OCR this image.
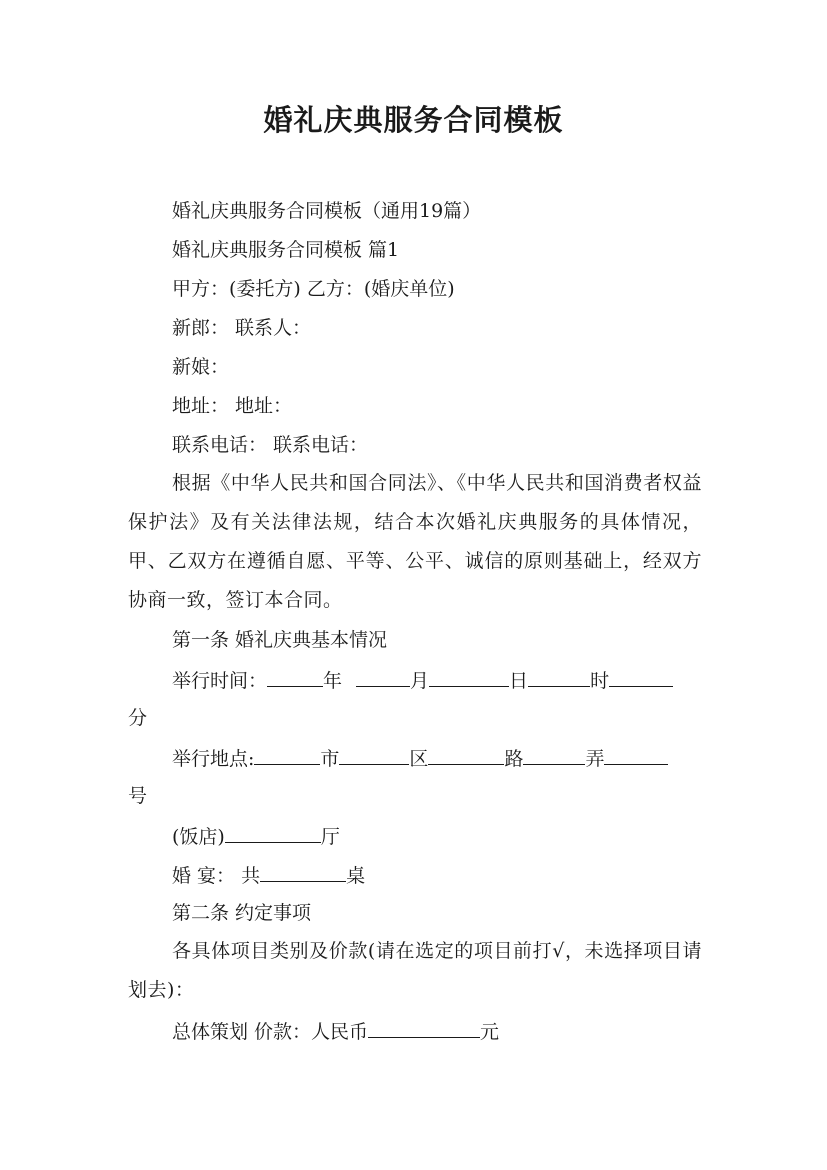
婚礼庆典服务合同模板
婚礼庆典服务合同模板（通用19篇）
婚礼庆典服务合同模板 篇1
甲方：(委托方) 乙方：(婚庆单位)
新郎： 联系人：
新娘：
地址： 地址：
联系电话： 联系电话：
根据《中华人民共和国合同法》、《中华人民共和国消费者权益保护法》及有关法律法规，结合本次婚礼庆典服务的具体情况，甲、乙双方在遵循自愿、平等、公平、诚信的原则基础上，经双方协商一致，签订本合同。
第一条 婚礼庆典基本情况
举行时间：	年	月	日	时
分
举行地点:	市	区	路	弄
号
(饭店)	厅
婚 宴： 共	桌
第二条 约定事项
各具体项目类别及价款(请在选定的项目前打√，未选择项目请划去)：
总体策划 价款：人民币	元
